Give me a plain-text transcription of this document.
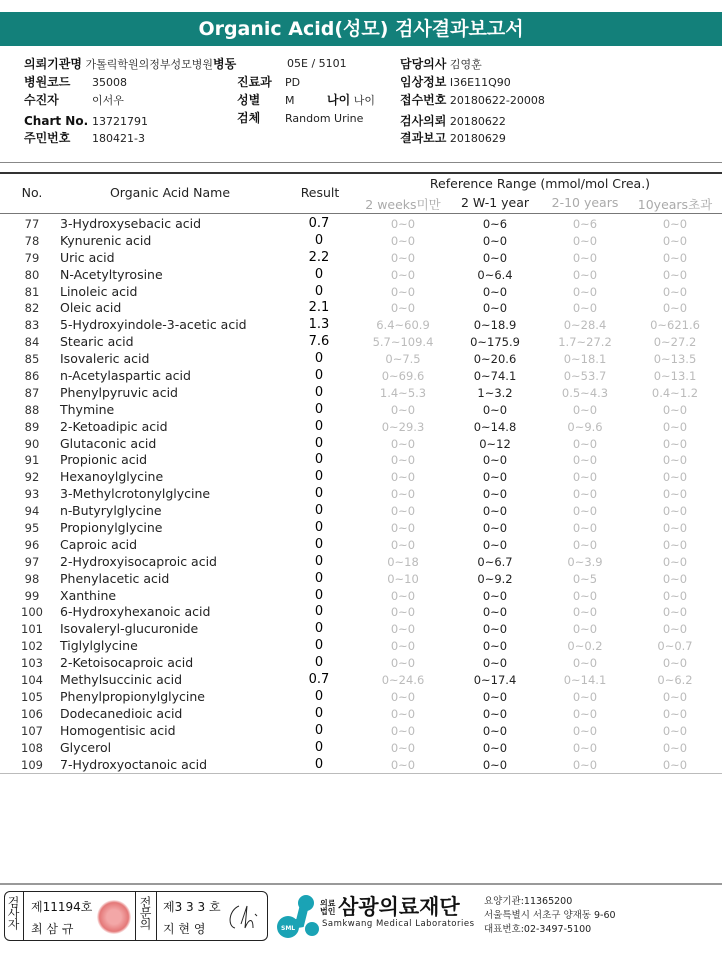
Organic Acid(성모) 검사결과보고서
의뢰기관명 가톨릭학원의정부성모병원병동	05E / 5101	담당의사 김영훈
병원코드 35008	진료과 PD	임상정보 I36E11Q90
수진자	이서우	성별 M	나이 나이 접수번호 20180622-20008
Chart No. 13721791	검체 Random Urine	검사의뢰 20180622
주민번호 180421-3	결과보고 20180629
No.	Organic Acid Name	Result
Reference Range (mmol/mol Crea.)
2 weeks미만	2 W-1 year	2-10 years	10years초과
77	3-Hydroxysebacic acid	0.7	0~0	0~6	0~6	0~0
78	Kynurenic acid	0	0~0	0~0	0~0	0~0
79	Uric acid	2.2	0~0	0~0	0~0	0~0
80	N-Acetyltyrosine	0	0~0	0~6.4	0~0	0~0
81	Linoleic acid	0	0~0	0~0	0~0	0~0
82	Oleic acid	2.1	0~0	0~0	0~0	0~0
83	5-Hydroxyindole-3-acetic acid	1.3	6.4~60.9	0~18.9	0~28.4	0~621.6
84	Stearic acid	7.6	5.7~109.4	0~175.9	1.7~27.2	0~27.2
85	Isovaleric acid	0	0~7.5	0~20.6	0~18.1	0~13.5
86	n-Acetylaspartic acid	0	0~69.6	0~74.1	0~53.7	0~13.1
87	Phenylpyruvic acid	0	1.4~5.3	1~3.2	0.5~4.3	0.4~1.2
88	Thymine	0	0~0	0~0	0~0	0~0
89	2-Ketoadipic acid	0	0~29.3	0~14.8	0~9.6	0~0
90	Glutaconic acid	0	0~0	0~12	0~0	0~0
91	Propionic acid	0	0~0	0~0	0~0	0~0
92	Hexanoylglycine	0	0~0	0~0	0~0	0~0
93	3-Methylcrotonylglycine	0	0~0	0~0	0~0	0~0
94	n-Butyrylglycine	0	0~0	0~0	0~0	0~0
95	Propionylglycine	0	0~0	0~0	0~0	0~0
96	Caproic acid	0	0~0	0~0	0~0	0~0
97	2-Hydroxyisocaproic acid	0	0~18	0~6.7	0~3.9	0~0
98	Phenylacetic acid	0	0~10	0~9.2	0~5	0~0
99	Xanthine	0	0~0	0~0	0~0	0~0
100	6-Hydroxyhexanoic acid	0	0~0	0~0	0~0	0~0
101	Isovaleryl-glucuronide	0	0~0	0~0	0~0	0~0
102	Tiglylglycine	0	0~0	0~0	0~0.2	0~0.7
103	2-Ketoisocaproic acid	0	0~0	0~0	0~0	0~0
104	Methylsuccinic acid	0.7	0~24.6	0~17.4	0~14.1	0~6.2
105	Phenylpropionylglycine	0	0~0	0~0	0~0	0~0
106	Dodecanedioic acid	0	0~0	0~0	0~0	0~0
107	Homogentisic acid	0	0~0	0~0	0~0	0~0
108	Glycerol	0	0~0	0~0	0~0	0~0
109	7-Hydroxyoctanoic acid	0	0~0	0~0	0~0	0~0
검사자 제11194호
최 삼 규	전문의 제3 3 3 호
지 현 영	SML
의료법인 삼광의료재단
Samkwang Medical Laboratories
요양기관:11365200
서울특별시 서초구 양재동 9-60
대표번호:02-3497-5100
